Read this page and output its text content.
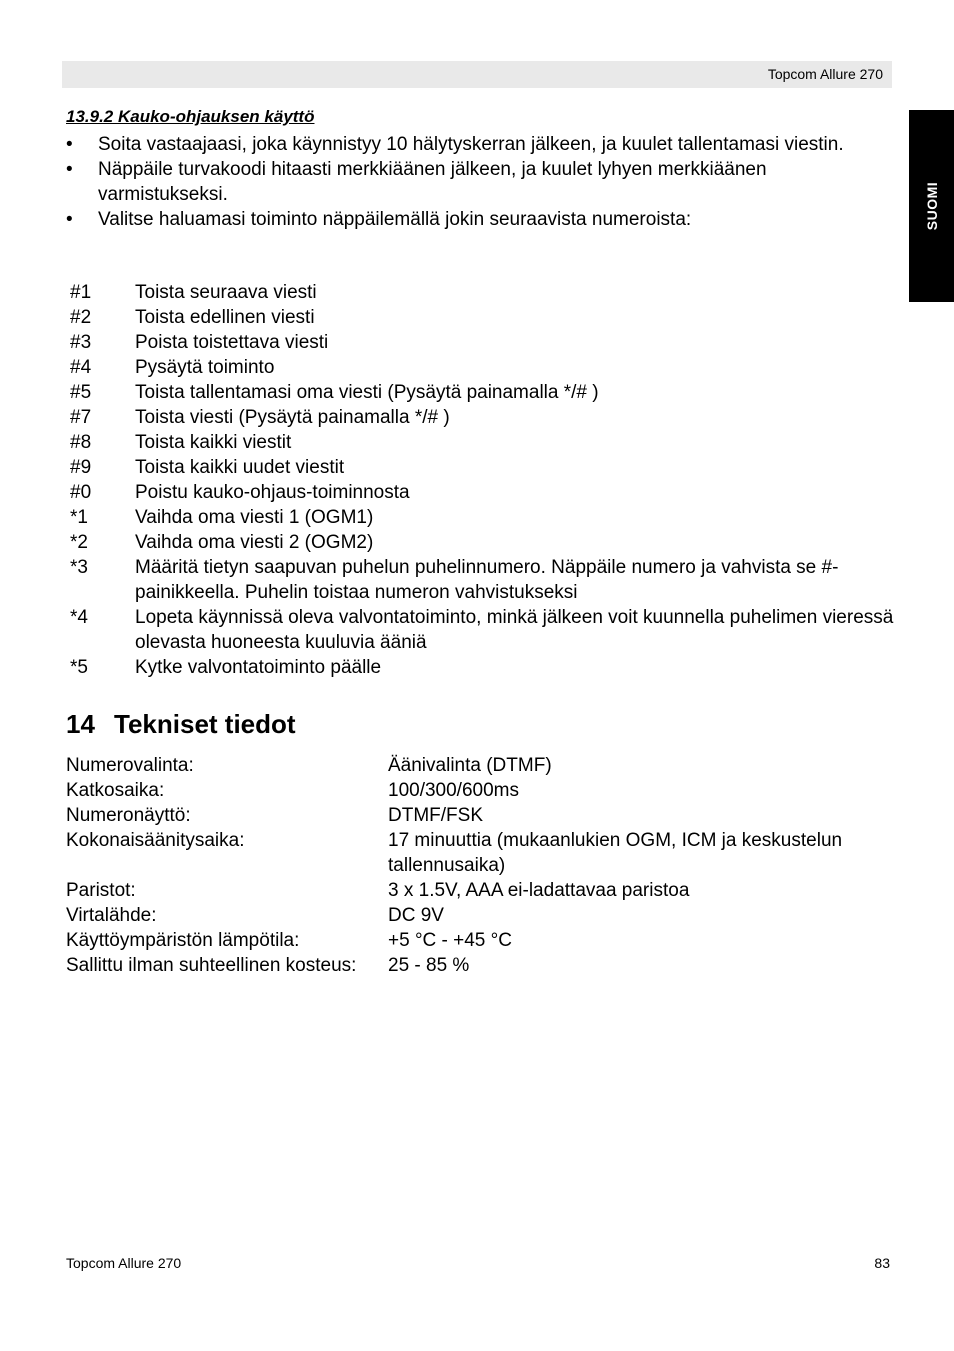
Topcom Allure 270
SUOMI
13.9.2 Kauko-ohjauksen käyttö
•	Soita vastaajaasi, joka käynnistyy 10 hälytyskerran jälkeen, ja kuulet tallentamasi viestin.
•	Näppäile turvakoodi hitaasti merkkiäänen jälkeen, ja kuulet lyhyen merkkiäänen varmistukseksi.
•	Valitse haluamasi toiminto näppäilemällä jokin seuraavista numeroista:
#1	Toista seuraava viesti
#2	Toista edellinen viesti
#3	Poista toistettava viesti
#4	Pysäytä toiminto
#5	Toista tallentamasi oma viesti (Pysäytä painamalla */# )
#7	Toista viesti (Pysäytä painamalla */# )
#8	Toista kaikki viestit
#9	Toista kaikki uudet viestit
#0	Poistu kauko-ohjaus-toiminnosta
*1	Vaihda oma viesti 1 (OGM1)
*2	Vaihda oma viesti 2 (OGM2)
*3	Määritä tietyn saapuvan puhelun puhelinnumero. Näppäile numero ja vahvista se #-painikkeella. Puhelin toistaa numeron vahvistukseksi
*4	Lopeta käynnissä oleva valvontatoiminto, minkä jälkeen voit kuunnella puhelimen vieressä olevasta huoneesta kuuluvia ääniä
*5	Kytke valvontatoiminto päälle
14 Tekniset tiedot
Numerovalinta:	Äänivalinta (DTMF)
Katkosaika:	100/300/600ms
Numeronäyttö:	DTMF/FSK
Kokonaisäänitysaika:	17 minuuttia (mukaanlukien OGM, ICM ja keskustelun tallennusaika)
Paristot:	3 x 1.5V, AAA ei-ladattavaa paristoa
Virtalähde:	DC 9V
Käyttöympäristön lämpötila:	+5 °C - +45 °C
Sallittu ilman suhteellinen kosteus:	25 - 85 %
Topcom Allure 270	83
